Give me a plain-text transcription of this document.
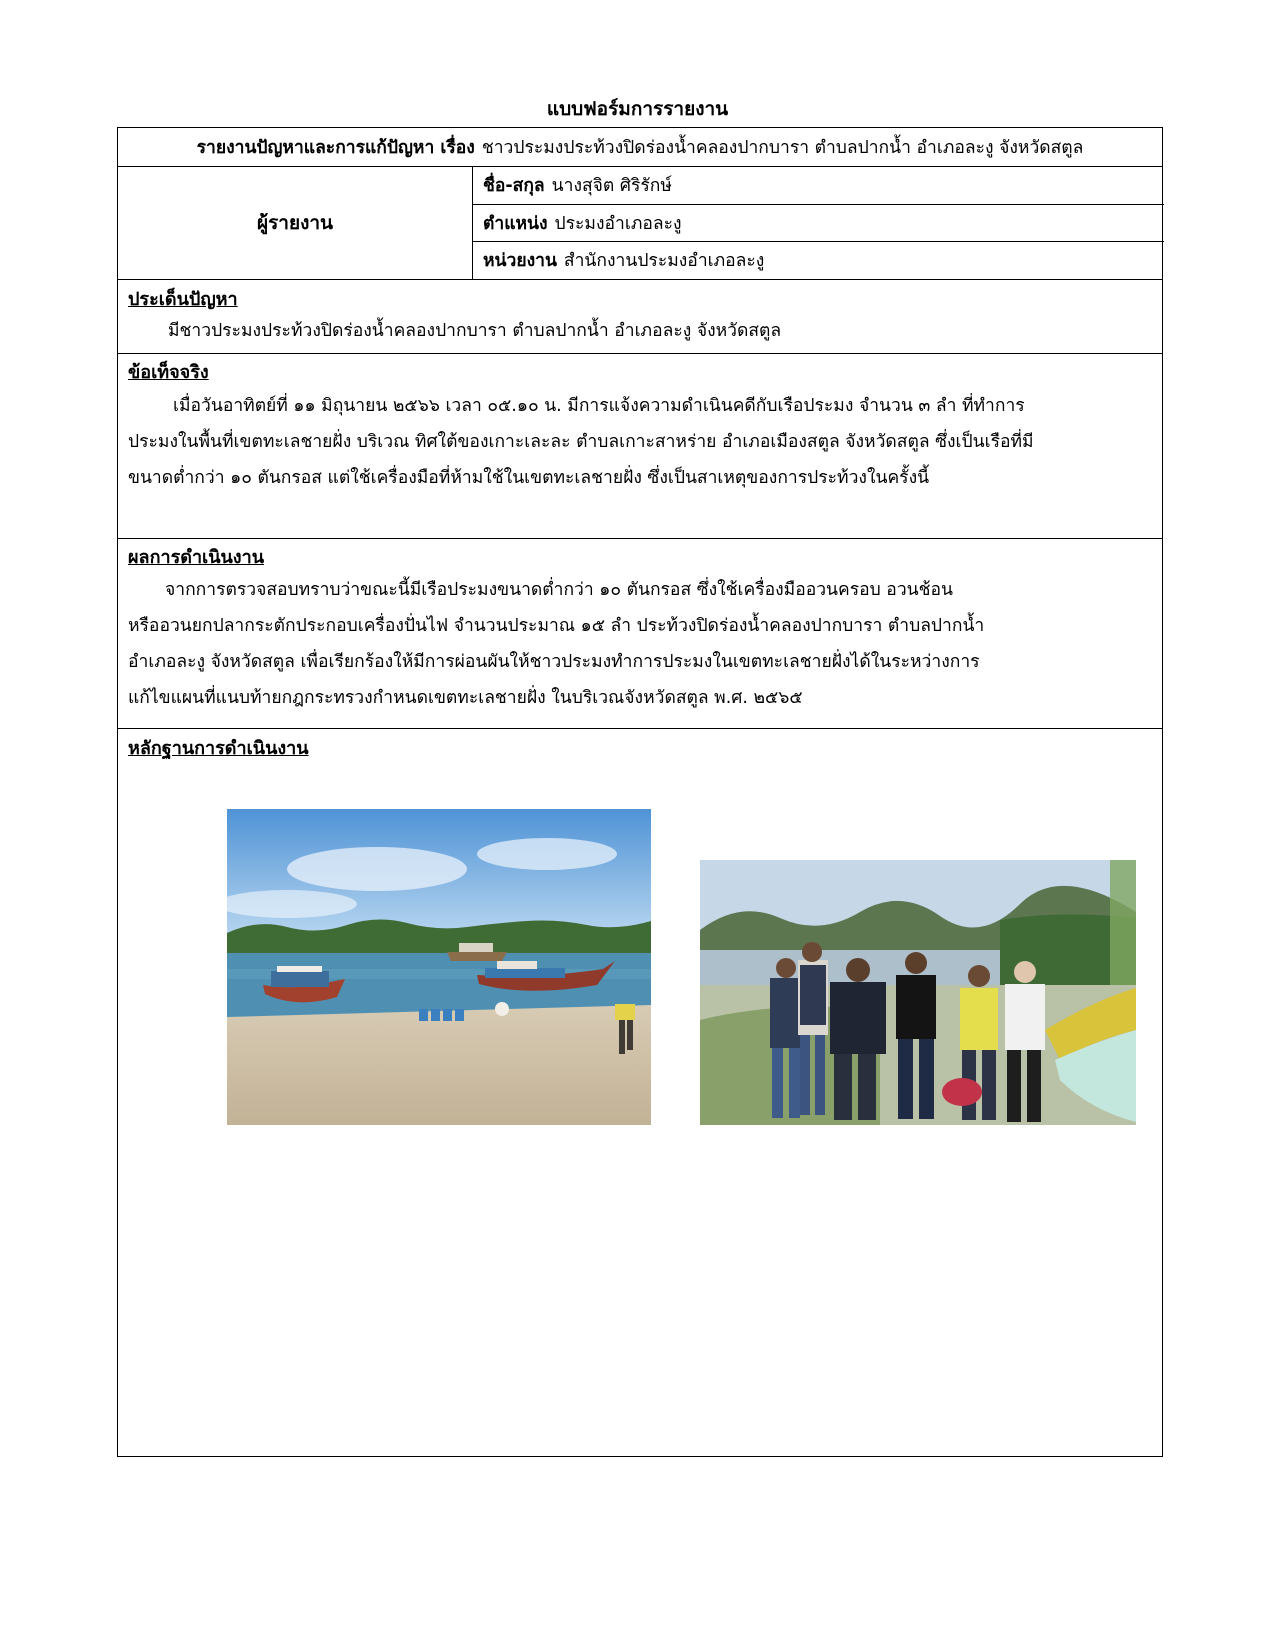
แบบฟอร์มการรายงาน
รายงานปัญหาและการแก้ปัญหา เรื่อง ชาวประมงประท้วงปิดร่องน้ำคลองปากบารา ตำบลปากน้ำ อำเภอละงู จังหวัดสตูล
ผู้รายงาน
ชื่อ-สกุล นางสุจิต ศิริรักษ์
ตำแหน่ง ประมงอำเภอละงู
หน่วยงาน สำนักงานประมงอำเภอละงู
ประเด็นปัญหา

มีชาวประมงประท้วงปิดร่องน้ำคลองปากบารา ตำบลปากน้ำ อำเภอละงู จังหวัดสตูล

ข้อเท็จจริง

เมื่อวันอาทิตย์ที่ ๑๑ มิถุนายน ๒๕๖๖ เวลา ๐๕.๑๐ น. มีการแจ้งความดำเนินคดีกับเรือประมง จำนวน ๓ ลำ ที่ทำการ

ประมงในพื้นที่เขตทะเลชายฝั่ง บริเวณ ทิศใต้ของเกาะเละละ ตำบลเกาะสาหร่าย อำเภอเมืองสตูล จังหวัดสตูล ซึ่งเป็นเรือที่มี

ขนาดต่ำกว่า ๑๐ ตันกรอส แต่ใช้เครื่องมือที่ห้ามใช้ในเขตทะเลชายฝั่ง ซึ่งเป็นสาเหตุของการประท้วงในครั้งนี้

ผลการดำเนินงาน

จากการตรวจสอบทราบว่าขณะนี้มีเรือประมงขนาดต่ำกว่า ๑๐ ตันกรอส ซึ่งใช้เครื่องมืออวนครอบ อวนช้อน

หรืออวนยกปลากระตักประกอบเครื่องปั่นไฟ จำนวนประมาณ ๑๕ ลำ ประท้วงปิดร่องน้ำคลองปากบารา ตำบลปากน้ำ

อำเภอละงู จังหวัดสตูล เพื่อเรียกร้องให้มีการผ่อนผันให้ชาวประมงทำการประมงในเขตทะเลชายฝั่งได้ในระหว่างการ

แก้ไขแผนที่แนบท้ายกฎกระทรวงกำหนดเขตทะเลชายฝั่ง ในบริเวณจังหวัดสตูล พ.ศ. ๒๕๖๕

หลักฐานการดำเนินงาน
